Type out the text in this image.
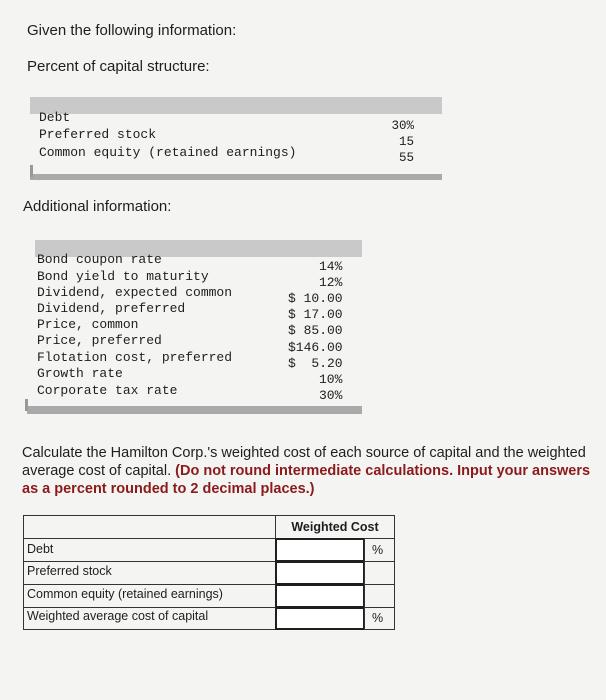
Given the following information:
Percent of capital structure:
Debt
Preferred stock
Common equity (retained earnings)
30%
15
55
Additional information:
Bond coupon rate
Bond yield to maturity
Dividend, expected common
Dividend, preferred
Price, common
Price, preferred
Flotation cost, preferred
Growth rate
Corporate tax rate
14%
12%
$ 10.00
$ 17.00
$ 85.00
$146.00
$  5.20
10%
30%
Calculate the Hamilton Corp.'s weighted cost of each source of capital and the weighted average cost of capital. (Do not round intermediate calculations. Input your answers as a percent rounded to 2 decimal places.)
Debt
Preferred stock
Common equity (retained earnings)
Weighted average cost of capital
Weighted Cost
%
%
